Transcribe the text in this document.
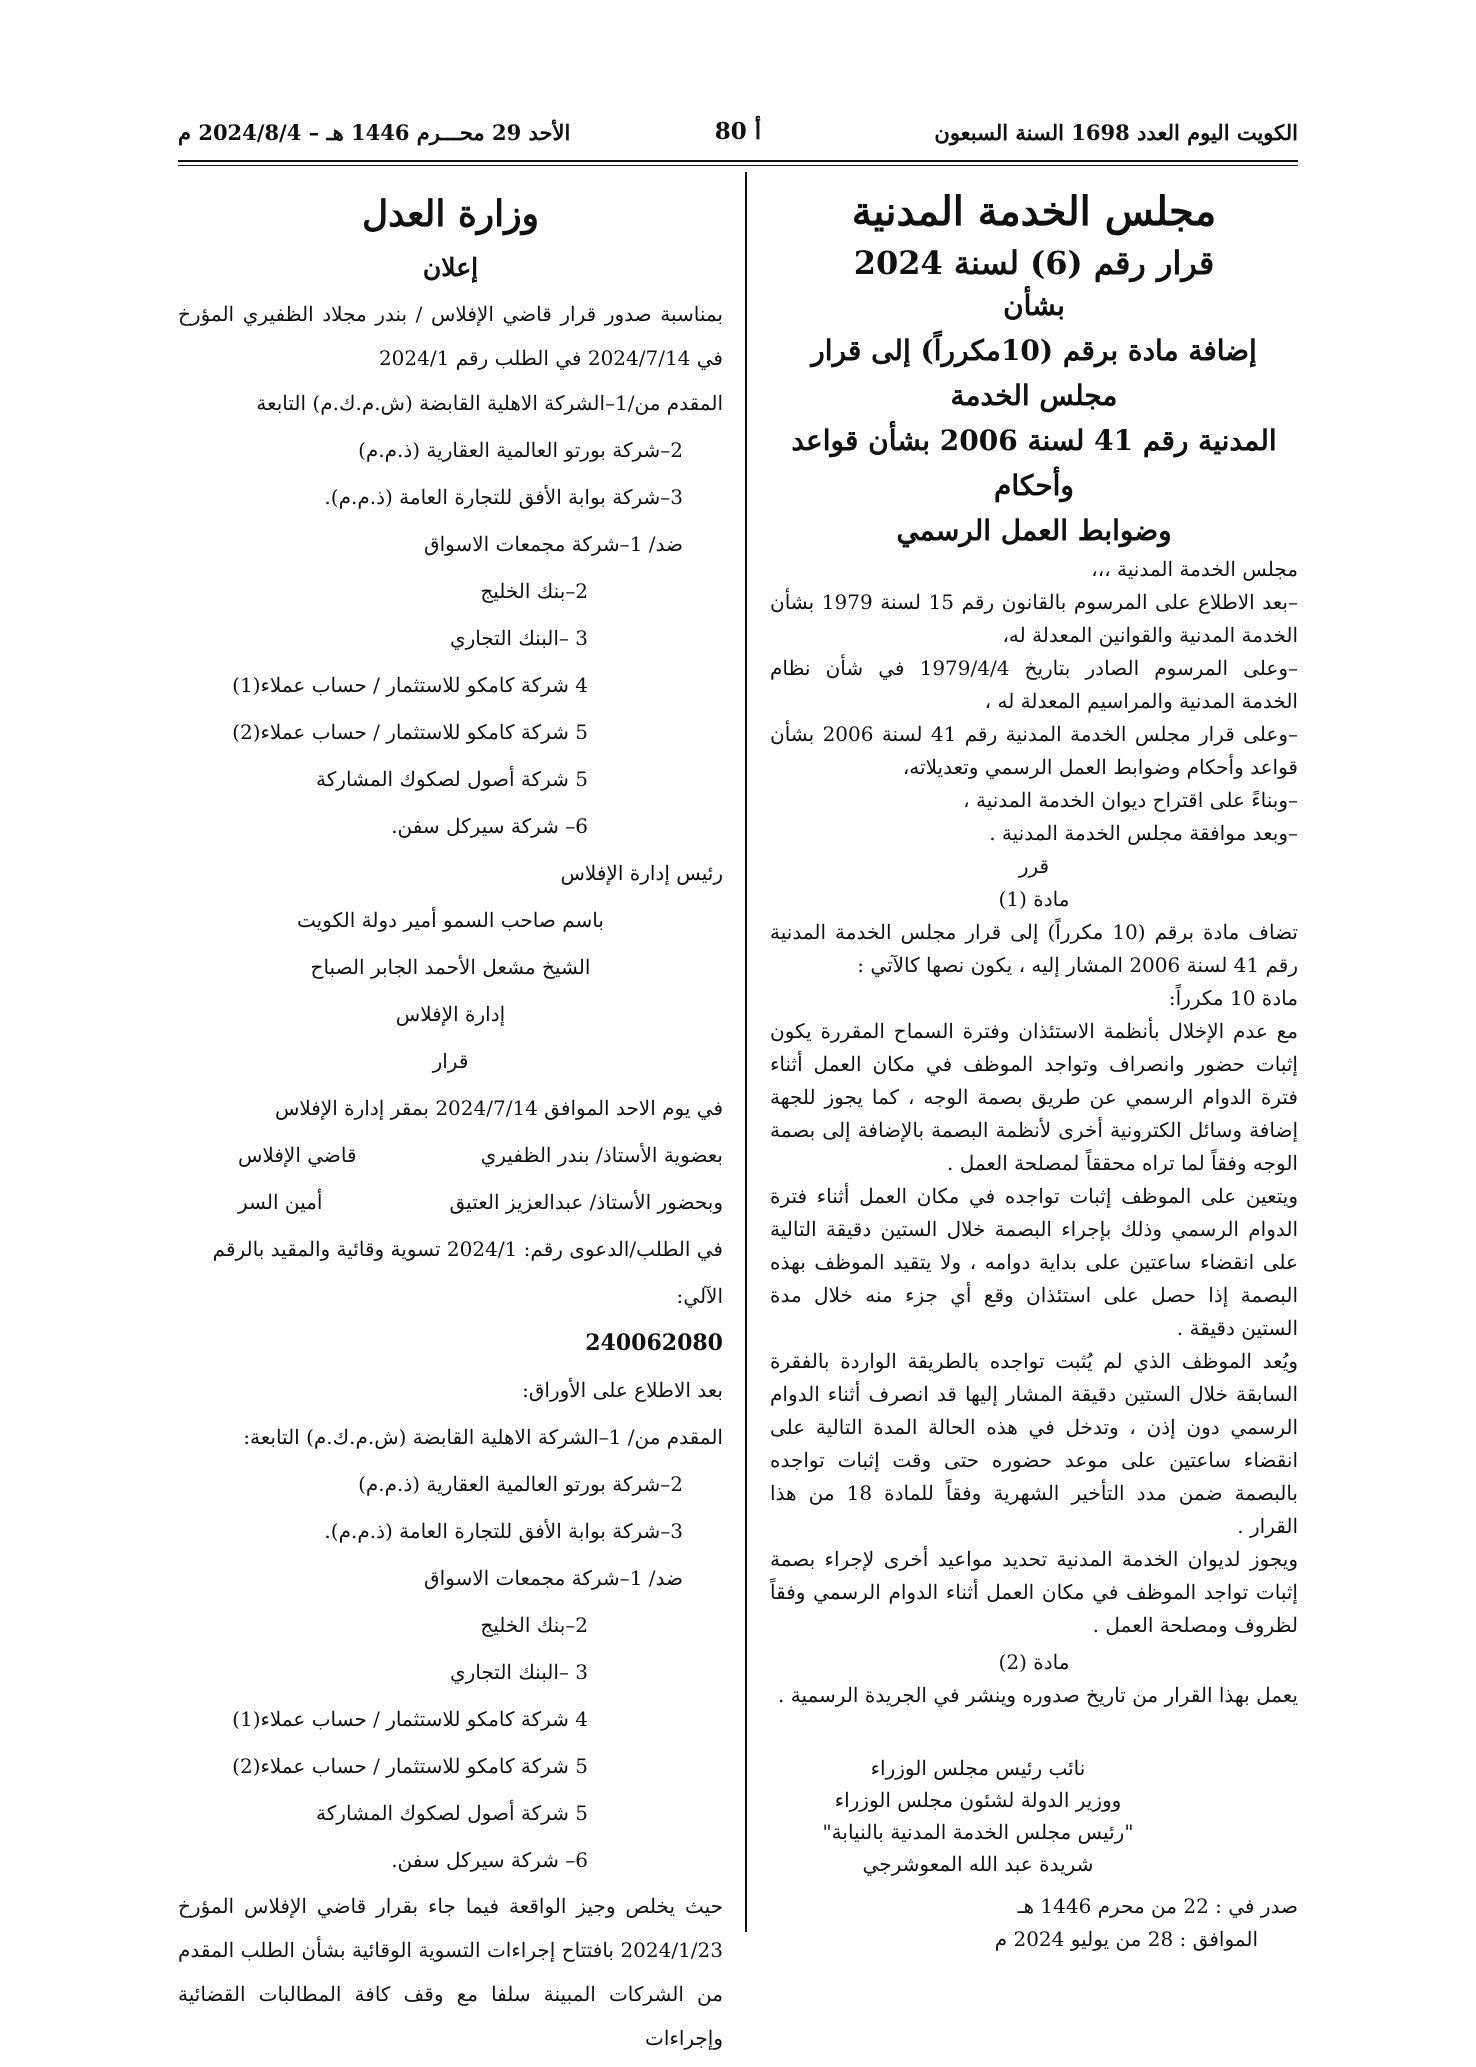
الكويت اليوم العدد 1698 السنة السبعون
أ 80
الأحد 29 محـــرم 1446 هـ – 2024/8/4 م
مجلس الخدمة المدنية
قرار رقم (6) لسنة 2024
بشأن
إضافة مادة برقم (10مكرراً) إلى قرار مجلس الخدمة
المدنية رقم 41 لسنة 2006 بشأن قواعد وأحكام
وضوابط العمل الرسمي

مجلس الخدمة المدنية ،،،

–بعد الاطلاع على المرسوم بالقانون رقم 15 لسنة 1979 بشأن الخدمة المدنية والقوانين المعدلة له،

–وعلى المرسوم الصادر بتاريخ 1979/4/4 في شأن نظام الخدمة المدنية والمراسيم المعدلة له ،

–وعلى قرار مجلس الخدمة المدنية رقم 41 لسنة 2006 بشأن قواعد وأحكام وضوابط العمل الرسمي وتعديلاته،

–وبناءً على اقتراح ديوان الخدمة المدنية ،

–وبعد موافقة مجلس الخدمة المدنية .

قرر

مادة (1)

تضاف مادة برقم (10 مكرراً) إلى قرار مجلس الخدمة المدنية رقم 41 لسنة 2006 المشار إليه ، يكون نصها كالآتي :

مادة 10 مكرراً:

مع عدم الإخلال بأنظمة الاستئذان وفترة السماح المقررة يكون إثبات حضور وانصراف وتواجد الموظف في مكان العمل أثناء فترة الدوام الرسمي عن طريق بصمة الوجه ، كما يجوز للجهة إضافة وسائل الكترونية أخرى لأنظمة البصمة بالإضافة إلى بصمة الوجه وفقاً لما تراه محققاً لمصلحة العمل .

ويتعين على الموظف إثبات تواجده في مكان العمل أثناء فترة الدوام الرسمي وذلك بإجراء البصمة خلال الستين دقيقة التالية على انقضاء ساعتين على بداية دوامه ، ولا يتقيد الموظف بهذه البصمة إذا حصل على استئذان وقع أي جزء منه خلال مدة الستين دقيقة .

ويُعد الموظف الذي لم يُثبت تواجده بالطريقة الواردة بالفقرة السابقة خلال الستين دقيقة المشار إليها قد انصرف أثناء الدوام الرسمي دون إذن ، وتدخل في هذه الحالة المدة التالية على انقضاء ساعتين على موعد حضوره حتى وقت إثبات تواجده بالبصمة ضمن مدد التأخير الشهرية وفقاً للمادة 18 من هذا القرار .

ويجوز لديوان الخدمة المدنية تحديد مواعيد أخرى لإجراء بصمة إثبات تواجد الموظف في مكان العمل أثناء الدوام الرسمي وفقاً لظروف ومصلحة العمل .

مادة (2)

يعمل بهذا القرار من تاريخ صدوره وينشر في الجريدة الرسمية .

نائب رئيس مجلس الوزراء

ووزير الدولة لشئون مجلس الوزراء

"رئيس مجلس الخدمة المدنية بالنيابة"

شريدة عبد الله المعوشرجي

صدر في : 22 من محرم 1446 هـ

الموافق : 28 من يوليو 2024 م

وزارة العدل
إعلان

بمناسبة صدور قرار قاضي الإفلاس / بندر مجلاد الظفيري المؤرخ في 2024/7/14 في الطلب رقم 2024/1

المقدم من/1–الشركة الاهلية القابضة (ش.م.ك.م) التابعة

2–شركة بورتو العالمية العقارية (ذ.م.م)

3–شركة بوابة الأفق للتجارة العامة (ذ.م.م).

ضد/ 1–شركة مجمعات الاسواق

2–بنك الخليج

3 –البنك التجاري

4 شركة كامكو للاستثمار / حساب عملاء(1)

5 شركة كامكو للاستثمار / حساب عملاء(2)

5 شركة أصول لصكوك المشاركة

6– شركة سيركل سفن.

رئيس إدارة الإفلاس

باسم صاحب السمو أمير دولة الكويت

الشيخ مشعل الأحمد الجابر الصباح

إدارة الإفلاس

قرار

في يوم الاحد الموافق 2024/7/14 بمقر إدارة الإفلاس

بعضوية الأستاذ/ بندر الظفيري
قاضي الإفلاس
وبحضور الأستاذ/ عبدالعزيز العتيق
أمين السر

في الطلب/الدعوى رقم: 2024/1 تسوية وقائية والمقيد بالرقم الآلي:

240062080

بعد الاطلاع على الأوراق:

المقدم من/ 1–الشركة الاهلية القابضة (ش.م.ك.م) التابعة:

2–شركة بورتو العالمية العقارية (ذ.م.م)

3–شركة بوابة الأفق للتجارة العامة (ذ.م.م).

ضد/ 1–شركة مجمعات الاسواق

2–بنك الخليج

3 –البنك التجاري

4 شركة كامكو للاستثمار / حساب عملاء(1)

5 شركة كامكو للاستثمار / حساب عملاء(2)

5 شركة أصول لصكوك المشاركة

6– شركة سيركل سفن.

حيث يخلص وجيز الواقعة فيما جاء بقرار قاضي الإفلاس المؤرخ 2024/1/23 بافتتاح إجراءات التسوية الوقائية بشأن الطلب المقدم من الشركات المبينة سلفا مع وقف كافة المطالبات القضائية وإجراءات
